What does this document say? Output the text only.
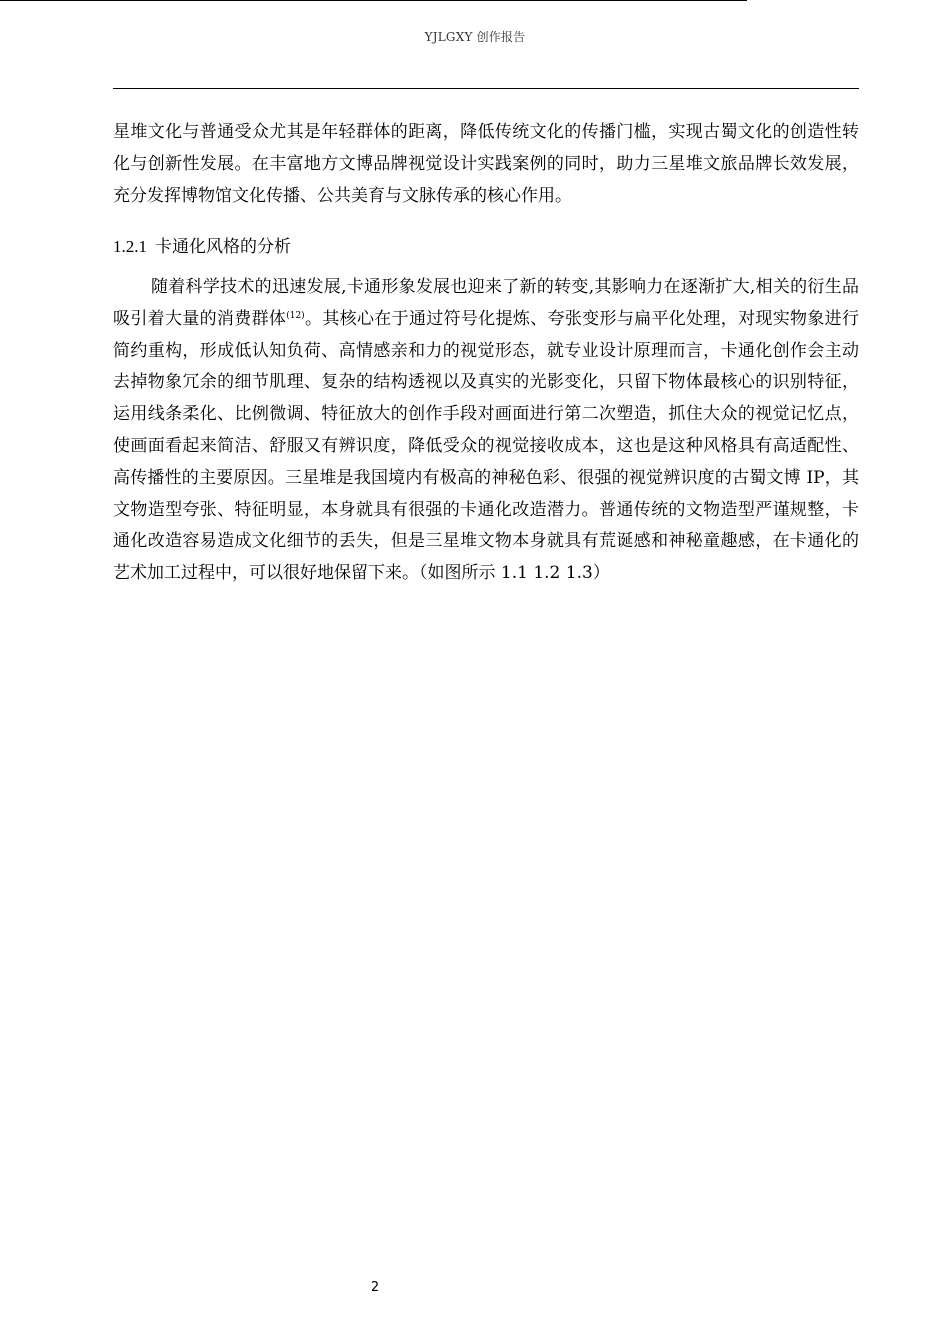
YJLGXY 创作报告
星堆文化与普通受众尤其是年轻群体的距离，降低传统文化的传播门槛，实现古蜀文化的创造性转化与创新性发展。在丰富地方文博品牌视觉设计实践案例的同时，助力三星堆文旅品牌长效发展，充分发挥博物馆文化传播、公共美育与文脉传承的核心作用。
1.2.1 卡通化风格的分析
随着科学技术的迅速发展,卡通形象发展也迎来了新的转变,其影响力在逐渐扩大,相关的衍生品吸引着大量的消费群体$^{(12)}$。其核心在于通过符号化提炼、夸张变形与扁平化处理，对现实物象进行简约重构，形成低认知负荷、高情感亲和力的视觉形态，就专业设计原理而言，卡通化创作会主动去掉物象冗余的细节肌理、复杂的结构透视以及真实的光影变化，只留下物体最核心的识别特征，运用线条柔化、比例微调、特征放大的创作手段对画面进行第二次塑造，抓住大众的视觉记忆点，使画面看起来简洁、舒服又有辨识度，降低受众的视觉接收成本，这也是这种风格具有高适配性、高传播性的主要原因。三星堆是我国境内有极高的神秘色彩、很强的视觉辨识度的古蜀文博 IP，其文物造型夸张、特征明显，本身就具有很强的卡通化改造潜力。普通传统的文物造型严谨规整，卡通化改造容易造成文化细节的丢失，但是三星堆文物本身就具有荒诞感和神秘童趣感，在卡通化的艺术加工过程中，可以很好地保留下来。（如图所示 1.1 1.2 1.3）
2
